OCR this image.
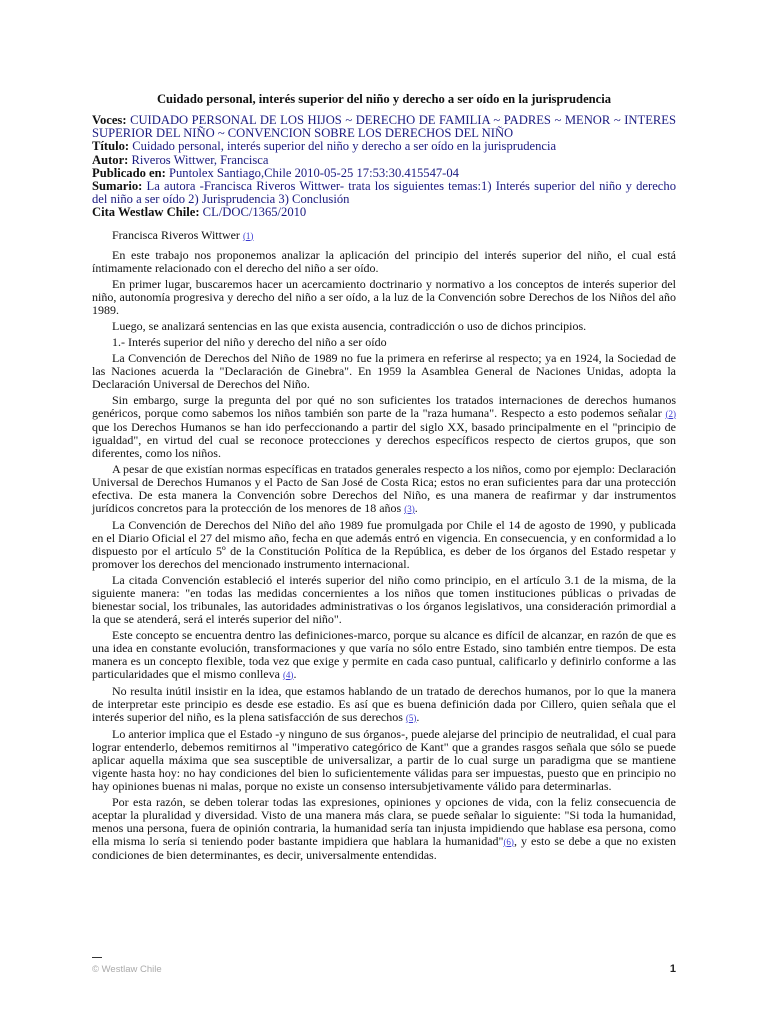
Cuidado personal, interés superior del niño y derecho a ser oído en la jurisprudencia
Voces: CUIDADO PERSONAL DE LOS HIJOS ~ DERECHO DE FAMILIA ~ PADRES ~ MENOR ~ INTERES SUPERIOR DEL NIÑO ~ CONVENCION SOBRE LOS DERECHOS DEL NIÑO
Título: Cuidado personal, interés superior del niño y derecho a ser oído en la jurisprudencia
Autor: Riveros Wittwer, Francisca
Publicado en: Puntolex Santiago,Chile 2010-05-25 17:53:30.415547-04
Sumario: La autora -Francisca Riveros Wittwer- trata los siguientes temas:1) Interés superior del niño y derecho del niño a ser oído 2) Jurisprudencia 3) Conclusión
Cita Westlaw Chile: CL/DOC/1365/2010

Francisca Riveros Wittwer (1)

En este trabajo nos proponemos analizar la aplicación del principio del interés superior del niño, el cual está íntimamente relacionado con el derecho del niño a ser oído.

En primer lugar, buscaremos hacer un acercamiento doctrinario y normativo a los conceptos de interés superior del niño, autonomía progresiva y derecho del niño a ser oído, a la luz de la Convención sobre Derechos de los Niños del año 1989.

Luego, se analizará sentencias en las que exista ausencia, contradicción o uso de dichos principios.

1.- Interés superior del niño y derecho del niño a ser oído

La Convención de Derechos del Niño de 1989 no fue la primera en referirse al respecto; ya en 1924, la Sociedad de las Naciones acuerda la "Declaración de Ginebra". En 1959 la Asamblea General de Naciones Unidas, adopta la Declaración Universal de Derechos del Niño.

Sin embargo, surge la pregunta del por qué no son suficientes los tratados internaciones de derechos humanos genéricos, porque como sabemos los niños también son parte de la "raza humana". Respecto a esto podemos señalar (2) que los Derechos Humanos se han ido perfeccionando a partir del siglo XX, basado principalmente en el "principio de igualdad", en virtud del cual se reconoce protecciones y derechos específicos respecto de ciertos grupos, que son diferentes, como los niños.

A pesar de que existían normas específicas en tratados generales respecto a los niños, como por ejemplo: Declaración Universal de Derechos Humanos y el Pacto de San José de Costa Rica; estos no eran suficientes para dar una protección efectiva. De esta manera la Convención sobre Derechos del Niño, es una manera de reafirmar y dar instrumentos jurídicos concretos para la protección de los menores de 18 años (3).

La Convención de Derechos del Niño del año 1989 fue promulgada por Chile el 14 de agosto de 1990, y publicada en el Diario Oficial el 27 del mismo año, fecha en que además entró en vigencia. En consecuencia, y en conformidad a lo dispuesto por el artículo 5º de la Constitución Política de la República, es deber de los órganos del Estado respetar y promover los derechos del mencionado instrumento internacional.

La citada Convención estableció el interés superior del niño como principio, en el artículo 3.1 de la misma, de la siguiente manera: "en todas las medidas concernientes a los niños que tomen instituciones públicas o privadas de bienestar social, los tribunales, las autoridades administrativas o los órganos legislativos, una consideración primordial a la que se atenderá, será el interés superior del niño".

Este concepto se encuentra dentro las definiciones-marco, porque su alcance es difícil de alcanzar, en razón de que es una idea en constante evolución, transformaciones y que varía no sólo entre Estado, sino también entre tiempos. De esta manera es un concepto flexible, toda vez que exige y permite en cada caso puntual, calificarlo y definirlo conforme a las particularidades que el mismo conlleva (4).

No resulta inútil insistir en la idea, que estamos hablando de un tratado de derechos humanos, por lo que la manera de interpretar este principio es desde ese estadio. Es así que es buena definición dada por Cillero, quien señala que el interés superior del niño, es la plena satisfacción de sus derechos (5).

Lo anterior implica que el Estado -y ninguno de sus órganos-, puede alejarse del principio de neutralidad, el cual para lograr entenderlo, debemos remitirnos al "imperativo categórico de Kant" que a grandes rasgos señala que sólo se puede aplicar aquella máxima que sea susceptible de universalizar, a partir de lo cual surge un paradigma que se mantiene vigente hasta hoy: no hay condiciones del bien lo suficientemente válidas para ser impuestas, puesto que en principio no hay opiniones buenas ni malas, porque no existe un consenso intersubjetivamente válido para determinarlas.

Por esta razón, se deben tolerar todas las expresiones, opiniones y opciones de vida, con la feliz consecuencia de aceptar la pluralidad y diversidad. Visto de una manera más clara, se puede señalar lo siguiente: "Si toda la humanidad, menos una persona, fuera de opinión contraria, la humanidad sería tan injusta impidiendo que hablase esa persona, como ella misma lo sería si teniendo poder bastante impidiera que hablara la humanidad"(6), y esto se debe a que no existen condiciones de bien determinantes, es decir, universalmente entendidas.

© Westlaw Chile	1
